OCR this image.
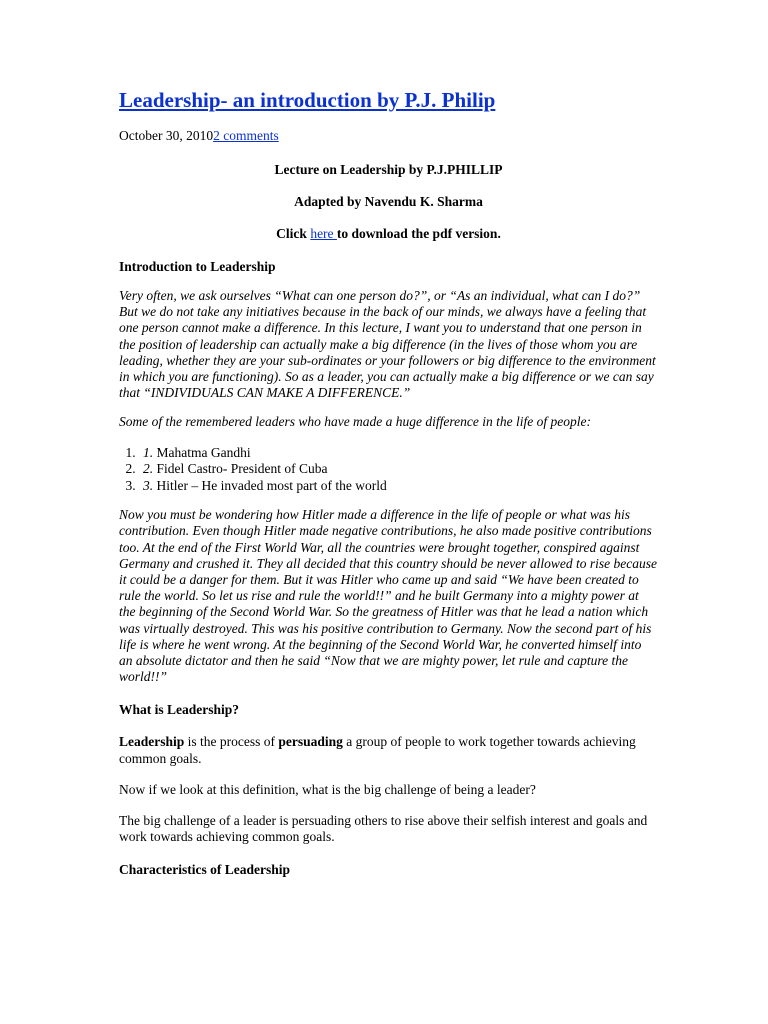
Leadership- an introduction by P.J. Philip

October 30, 20102 comments

Lecture on Leadership by P.J.PHILLIP

Adapted by Navendu K. Sharma

Click here to download the pdf version.

Introduction to Leadership

Very often, we ask ourselves “What can one person do?”, or “As an individual, what can I do?” But we do not take any initiatives because in the back of our minds, we always have a feeling that one person cannot make a difference. In this lecture, I want you to understand that one person in the position of leadership can actually make a big difference (in the lives of those whom you are leading, whether they are your sub-ordinates or your followers or big difference to the environment in which you are functioning). So as a leader, you can actually make a big difference or we can say that “INDIVIDUALS CAN MAKE A DIFFERENCE.”

Some of the remembered leaders who have made a huge difference in the life of people:

1. 1. Mahatma Gandhi
2. 2. Fidel Castro- President of Cuba
3. 3. Hitler – He invaded most part of the world

Now you must be wondering how Hitler made a difference in the life of people or what was his contribution. Even though Hitler made negative contributions, he also made positive contributions too. At the end of the First World War, all the countries were brought together, conspired against Germany and crushed it. They all decided that this country should be never allowed to rise because it could be a danger for them. But it was Hitler who came up and said “We have been created to rule the world. So let us rise and rule the world!!” and he built Germany into a mighty power at the beginning of the Second World War. So the greatness of Hitler was that he lead a nation which was virtually destroyed. This was his positive contribution to Germany. Now the second part of his life is where he went wrong. At the beginning of the Second World War, he converted himself into an absolute dictator and then he said “Now that we are mighty power, let rule and capture the world!!”

What is Leadership?

Leadership is the process of persuading a group of people to work together towards achieving common goals.

Now if we look at this definition, what is the big challenge of being a leader?

The big challenge of a leader is persuading others to rise above their selfish interest and goals and work towards achieving common goals.

Characteristics of Leadership
